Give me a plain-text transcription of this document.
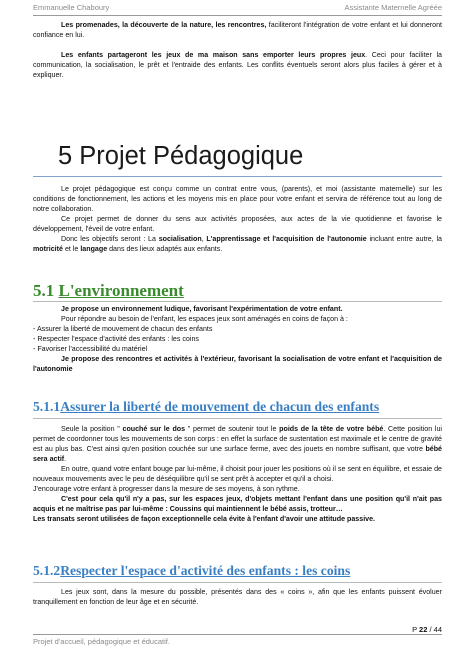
Emmanuelle Chaboury	Assistante Maternelle Agréée

Les promenades, la découverte de la nature, les rencontres, faciliteront l'intégration de votre enfant et lui donneront confiance en lui.

Les enfants partageront les jeux de ma maison sans emporter leurs propres jeux. Ceci pour faciliter la communication, la socialisation, le prêt et l'entraide des enfants. Les conflits éventuels seront alors plus faciles à gérer et à expliquer.

5 Projet Pédagogique

Le projet pédagogique est conçu comme un contrat entre vous, (parents), et moi (assistante maternelle) sur les conditions de fonctionnement, les actions et les moyens mis en place pour votre enfant et servira de référence tout au long de notre collaboration.

Ce projet permet de donner du sens aux activités proposées, aux actes de la vie quotidienne et favorise le développement, l'éveil de votre enfant.

Donc les objectifs seront : La socialisation, L'apprentissage et l'acquisition de l'autonomie incluant entre autre, la motricité et le langage dans des lieux adaptés aux enfants.

5.1 L'environnement

Je propose un environnement ludique, favorisant l'expérimentation de votre enfant.

Pour répondre au besoin de l'enfant, les espaces jeux sont aménagés en coins de façon à :

- Assurer la liberté de mouvement de chacun des enfants

- Respecter l'espace d'activité des enfants : les coins

- Favoriser l'accessibilité du matériel

Je propose des rencontres et activités à l'extérieur, favorisant la socialisation de votre enfant et l'acquisition de l'autonomie

5.1.1Assurer la liberté de mouvement de chacun des enfants

Seule la position " couché sur le dos " permet de soutenir tout le poids de la tête de votre bébé. Cette position lui permet de coordonner tous les mouvements de son corps : en effet la surface de sustentation est maximale et le centre de gravité est au plus bas. C'est ainsi qu'en position couchée sur une surface ferme, avec des jouets en nombre suffisant, que votre bébé sera actif.

En outre, quand votre enfant bouge par lui-même, il choisit pour jouer les positions où il se sent en équilibre, et essaie de nouveaux mouvements avec le peu de déséquilibre qu'il se sent prêt à accepter et qu'il a choisi.

J'encourage votre enfant à progresser dans la mesure de ses moyens, à son rythme.

C'est pour cela qu'il n'y a pas, sur les espaces jeux, d'objets mettant l'enfant dans une position qu'il n'ait pas acquis et ne maîtrise pas par lui-même : Coussins qui maintiennent le bébé assis, trotteur…

Les transats seront utilisées de façon exceptionnelle cela évite à l'enfant d'avoir une attitude passive.

5.1.2Respecter l'espace d'activité des enfants : les coins

Les jeux sont, dans la mesure du possible, présentés dans des « coins », afin que les enfants puissent évoluer tranquillement en fonction de leur âge et en sécurité.

P 22 / 44
Projet d'accueil, pédagogique et éducatif.
